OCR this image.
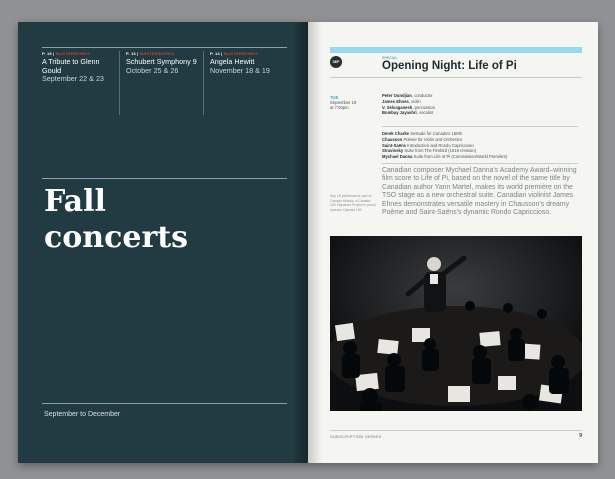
P. 19 | MASTERWORKS
A Tribute to Glenn Gould
September 22 & 23
P. 13 | MASTERWORKS
Schubert Symphony 9
October 25 & 26
P. 14 | MASTERWORKS
Angela Hewitt
November 18 & 19
Fall
concerts
September to December
SEP
SPECIAL
Opening Night: Life of Pi
TUE
September 19
at 7:00pm
Peter Oundjian, conductor
James Ehnes, violin
V. Selvaganesh, percussion
Bombay Jayashri, vocalist
Derek Charke Sestude for Canada's 150th
Chausson Poème for Violin and Orchestra
Saint-Saëns Introduction and Rondo Capriccioso
Stravinsky Suite from The Firebird (1919 revision)
Mychael Danna Suite from Life of Pi (Commission/World Première)
Sep 19 performance part of Canada Mosaic, a Canada 150 Signature Project in proud sponsor Canada 150
Canadian composer Mychael Danna's Academy Award–winning film score to Life of Pi, based on the novel of the same title by Canadian author Yann Martel, makes its world première on the TSO stage as a new orchestral suite. Canadian violinist James Ehnes demonstrates versatile mastery in Chausson's dreamy Poème and Saint-Saëns's dynamic Rondo Capriccioso.
SUBSCRIPTION SERIES	9
